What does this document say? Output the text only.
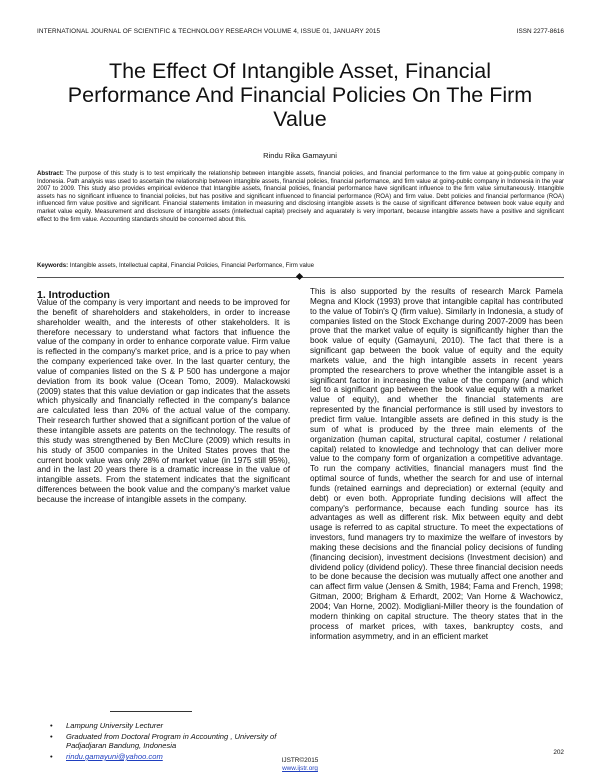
INTERNATIONAL JOURNAL OF SCIENTIFIC & TECHNOLOGY RESEARCH VOLUME 4, ISSUE 01, JANUARY 2015	ISSN 2277-8616
The Effect Of Intangible Asset, Financial Performance And Financial Policies On The Firm Value
Rindu Rika Gamayuni

Abstract: The purpose of this study is to test empirically the relationship between intangible assets, financial policies, and financial performance to the firm value at going-public company in Indonesia. Path analysis was used to ascertain the relationship between intangible assets, financial policies, financial performance, and firm value at going-public company in Indonesia in the year 2007 to 2009. This study also provides empirical evidence that Intangible assets, financial policies, financial performance have significant influence to the firm value simultaneously. Intangible assets has no significant influence to financial policies, but has positive and significant influenced to financial performance (ROA) and firm value. Debt policies and financial performance (ROA) influenced firm value positive and significant. Financial statements limitation in measuring and disclosing intangible assets is the cause of significant difference between book value equity and market value equity. Measurement and disclosure of intangible assets (intellectual capital) precisely and aquarately is very important, because intangible assets have a positive and significant effect to the firm value. Accounting standards should be concerned about this.

Keywords: Intangible assets, Intellectual capital, Financial Policies, Financial Performance, Firm value

1. Introduction

Value of the company is very important and needs to be improved for the benefit of shareholders and stakeholders, in order to increase shareholder wealth, and the interests of other stakeholders. It is therefore necessary to understand what factors that influence the value of the company in order to enhance corporate value. Firm value is reflected in the company's market price, and is a price to pay when the company experienced take over. In the last quarter century, the value of companies listed on the S & P 500 has undergone a major deviation from its book value (Ocean Tomo, 2009). Malackowski (2009) states that this value deviation or gap indicates that the assets which physically and financially reflected in the company's balance are calculated less than 20% of the actual value of the company. Their research further showed that a significant portion of the value of these intangible assets are patents on the technology. The results of this study was strengthened by Ben McClure (2009) which results in his study of 3500 companies in the United States proves that the current book value was only 28% of market value (in 1975 still 95%), and in the last 20 years there is a dramatic increase in the value of intangible assets. From the statement indicates that the significant differences between the book value and the company's market value because the increase of intangible assets in the company.

This is also supported by the results of research Marck Pamela Megna and Klock (1993) prove that intangible capital has contributed to the value of Tobin's Q (firm value). Similarly in Indonesia, a study of companies listed on the Stock Exchange during 2007-2009 has been prove that the market value of equity is significantly higher than the book value of equity (Gamayuni, 2010). The fact that there is a significant gap between the book value of equity and the equity markets value, and the high intangible assets in recent years prompted the researchers to prove whether the intangible asset is a significant factor in increasing the value of the company (and which led to a significant gap between the book value equity with a market value of equity), and whether the financial statements are represented by the financial performance is still used by investors to predict firm value. Intangible assets are defined in this study is the sum of what is produced by the three main elements of the organization (human capital, structural capital, costumer / relational capital) related to knowledge and technology that can deliver more value to the company form of organization a competitive advantage. To run the company activities, financial managers must find the optimal source of funds, whether the search for and use of internal funds (retained earnings and depreciation) or external (equity and debt) or even both. Appropriate funding decisions will affect the company's performance, because each funding source has its advantages as well as different risk. Mix between equity and debt usage is referred to as capital structure. To meet the expectations of investors, fund managers try to maximize the welfare of investors by making these decisions and the financial policy decisions of funding (financing decision), investment decisions (Investment decision) and dividend policy (dividend policy). These three financial decision needs to be done because the decision was mutually affect one another and can affect firm value (Jensen & Smith, 1984; Fama and French, 1998; Gitman, 2000; Brigham & Erhardt, 2002; Van Horne & Wachowicz, 2004; Van Horne, 2002). Modigliani-Miller theory is the foundation of modern thinking on capital structure. The theory states that in the process of market prices, with taxes, bankruptcy costs, and information asymmetry, and in an efficient market

• Lampung University Lecturer
• Graduated from Doctoral Program in Accounting , University of Padjadjaran Bandung, Indonesia
• rindu.gamayuni@yahoo.com	202
IJSTR©2015
www.ijstr.org
